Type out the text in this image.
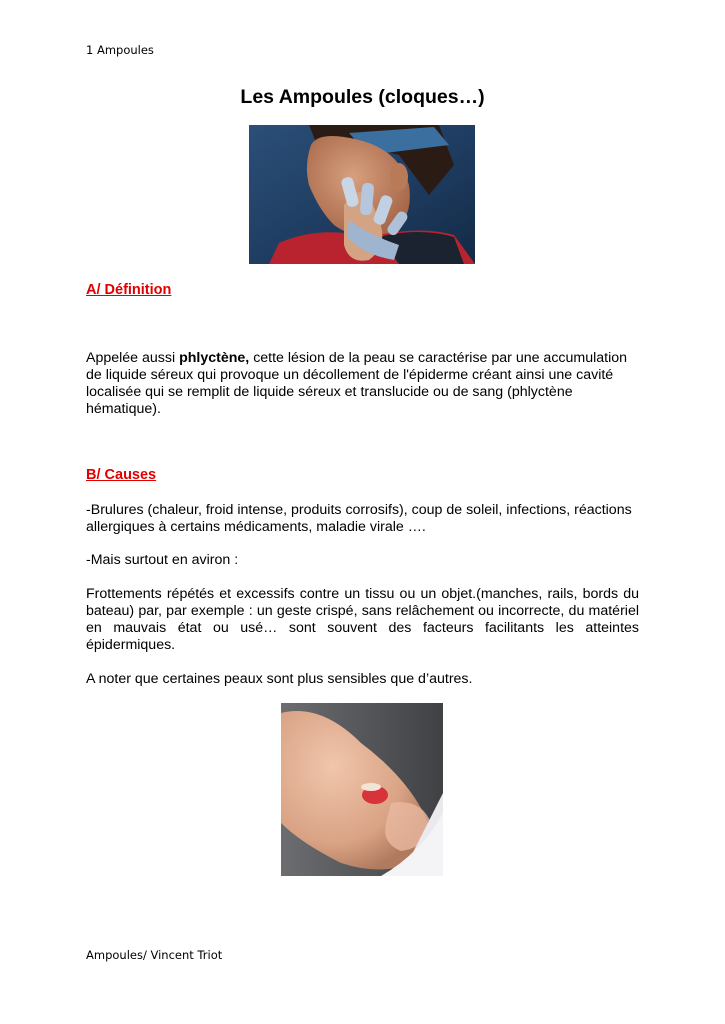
1 Ampoules
Les Ampoules (cloques…)
A/ Définition
Appelée aussi phlyctène, cette lésion de la peau se caractérise par une accumulation de liquide séreux qui provoque un décollement de l'épiderme créant ainsi une cavité localisée qui se remplit de liquide séreux et translucide ou de sang (phlyctène hématique).
B/ Causes
-Brulures (chaleur, froid intense, produits corrosifs), coup de soleil, infections, réactions allergiques à certains médicaments, maladie virale ….
-Mais surtout en aviron :
Frottements répétés et excessifs contre un tissu ou un objet.(manches, rails, bords du bateau) par, par exemple : un geste crispé, sans relâchement ou incorrecte, du matériel en mauvais état ou usé… sont souvent des facteurs facilitants les atteintes épidermiques.
A noter que certaines peaux sont plus sensibles que d’autres.
Ampoules/ Vincent Triot
